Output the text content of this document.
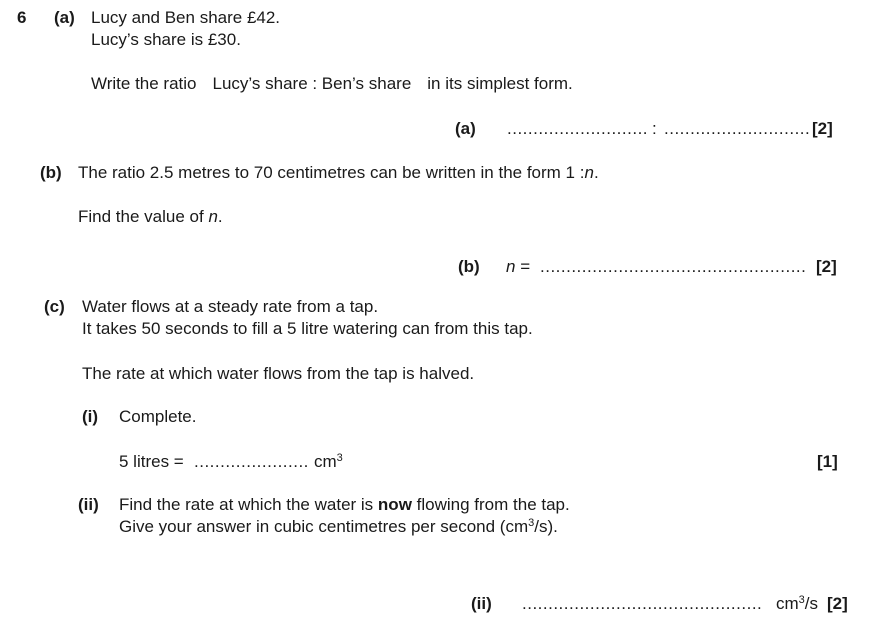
6 (a) Lucy and Ben share £42.
Lucy’s share is £30.
Write the ratio Lucy’s share : Ben’s share in its simplest form.
(a) ........................... : ............................ [2]
(b) The ratio 2.5 metres to 70 centimetres can be written in the form 1 :n.
Find the value of n.
(b) n = ................................................... [2]
(c) Water flows at a steady rate from a tap.
It takes 50 seconds to fill a 5 litre watering can from this tap.
The rate at which water flows from the tap is halved.
(i) Complete.
5 litres = ...................... $cm^3$	[1]
(ii) Find the rate at which the water is now flowing from the tap.
Give your answer in cubic centimetres per second $(cm^3/s)$.
(ii) .............................................. $cm^3/s$ [2]
